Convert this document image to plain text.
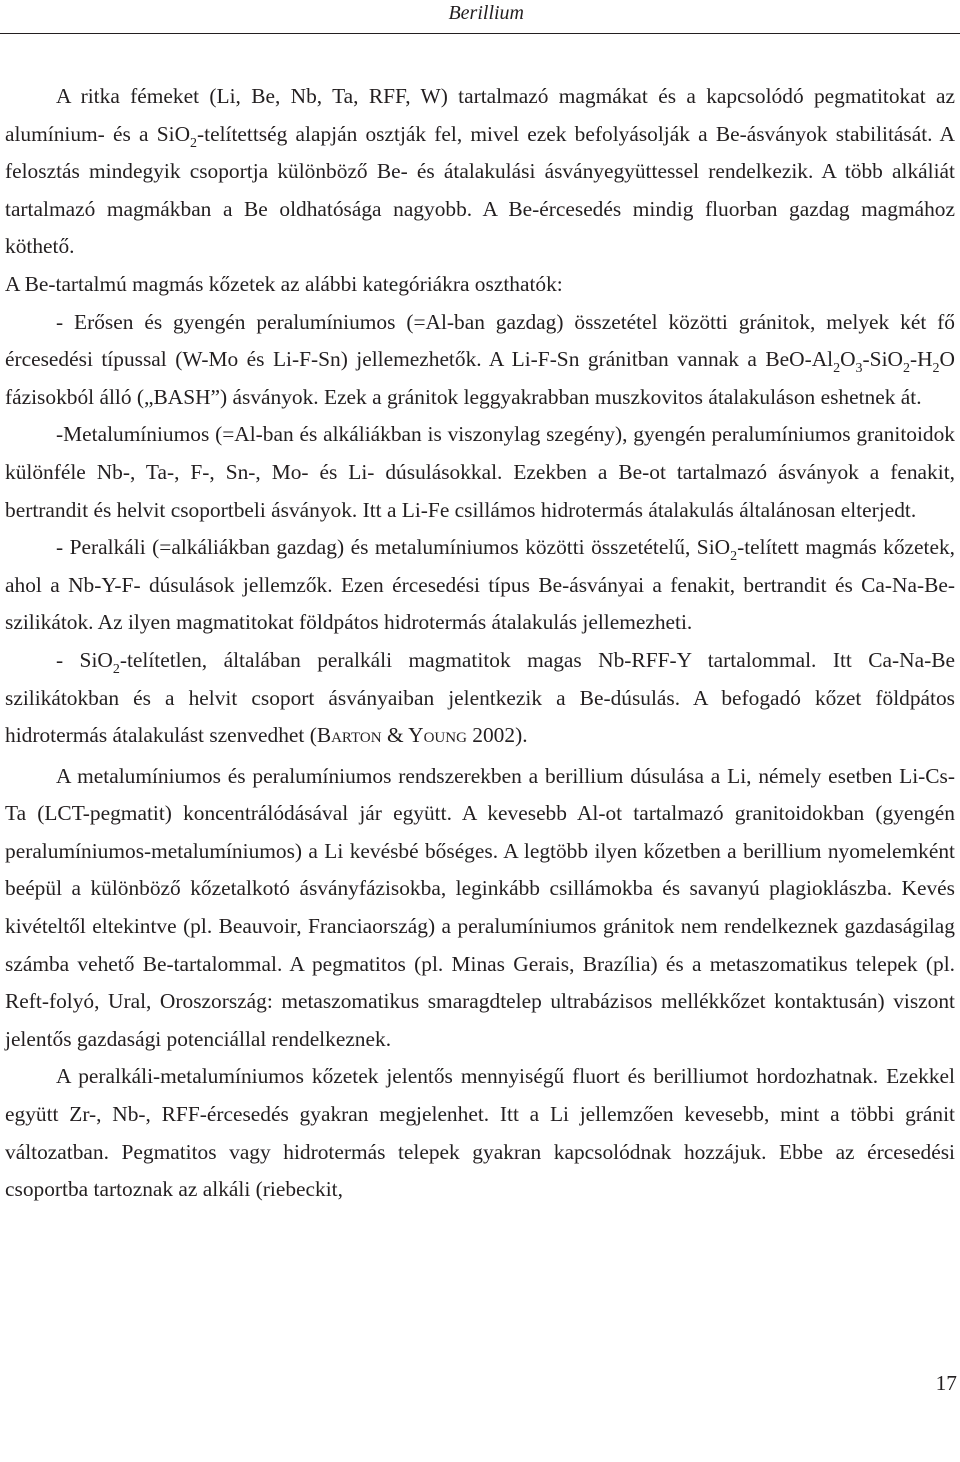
Berillium

A ritka fémeket (Li, Be, Nb, Ta, RFF, W) tartalmazó magmákat és a kapcsolódó pegmatitokat az alumínium- és a SiO$_2$-telítettség alapján osztják fel, mivel ezek befolyásolják a Be-ásványok stabilitását. A felosztás mindegyik csoportja különböző Be- és átalakulási ásványegyüttessel rendelkezik. A több alkáliát tartalmazó magmákban a Be oldhatósága nagyobb. A Be-ércesedés mindig fluorban gazdag magmához köthető.

A Be-tartalmú magmás kőzetek az alábbi kategóriákra oszthatók:

- Erősen és gyengén peralumíniumos (=Al-ban gazdag) összetétel közötti gránitok, melyek két fő ércesedési típussal (W-Mo és Li-F-Sn) jellemezhetők. A Li-F-Sn gránitban vannak a BeO-$Al_2O_3-SiO_2-H_2O$ fázisokból álló („BASH”) ásványok. Ezek a gránitok leggyakrabban muszkovitos átalakuláson eshetnek át.

-Metalumíniumos (=Al-ban és alkáliákban is viszonylag szegény), gyengén peralumíniumos granitoidok különféle Nb-, Ta-, F-, Sn-, Mo- és Li- dúsulásokkal. Ezekben a Be-ot tartalmazó ásványok a fenakit, bertrandit és helvit csoportbeli ásványok. Itt a Li-Fe csillámos hidrotermás átalakulás általánosan elterjedt.

- Peralkáli (=alkáliákban gazdag) és metalumíniumos közötti összetételű, SiO$_2$-telített magmás kőzetek, ahol a Nb-Y-F- dúsulások jellemzők. Ezen ércesedési típus Be-ásványai a fenakit, bertrandit és Ca-Na-Be-szilikátok. Az ilyen magmatitokat földpátos hidrotermás átalakulás jellemezheti.

- SiO$_2$-telítetlen, általában peralkáli magmatitok magas Nb-RFF-Y tartalommal. Itt Ca-Na-Be szilikátokban és a helvit csoport ásványaiban jelentkezik a Be-dúsulás. A befogadó kőzet földpátos hidrotermás átalakulást szenvedhet (BARTON & YOUNG 2002).

A metalumíniumos és peralumíniumos rendszerekben a berillium dúsulása a Li, némely esetben Li-Cs-Ta (LCT-pegmatit) koncentrálódásával jár együtt. A kevesebb Al-ot tartalmazó granitoidokban (gyengén peralumíniumos-metalumíniumos) a Li kevésbé bőséges. A legtöbb ilyen kőzetben a berillium nyomelemként beépül a különböző kőzetalkotó ásványfázisokba, leginkább csillámokba és savanyú plagioklászba. Kevés kivételtől eltekintve (pl. Beauvoir, Franciaország) a peralumíniumos gránitok nem rendelkeznek gazdaságilag számba vehető Be-tartalommal. A pegmatitos (pl. Minas Gerais, Brazília) és a metaszomatikus telepek (pl. Reft-folyó, Ural, Oroszország: metaszomatikus smaragdtelep ultrabázisos mellékkőzet kontaktusán) viszont jelentős gazdasági potenciállal rendelkeznek.

A peralkáli-metalumíniumos kőzetek jelentős mennyiségű fluort és berilliumot hordozhatnak. Ezekkel együtt Zr-, Nb-, RFF-ércesedés gyakran megjelenhet. Itt a Li jellemzően kevesebb, mint a többi gránit változatban. Pegmatitos vagy hidrotermás telepek gyakran kapcsolódnak hozzájuk. Ebbe az ércesedési csoportba tartoznak az alkáli (riebeckit,

17
